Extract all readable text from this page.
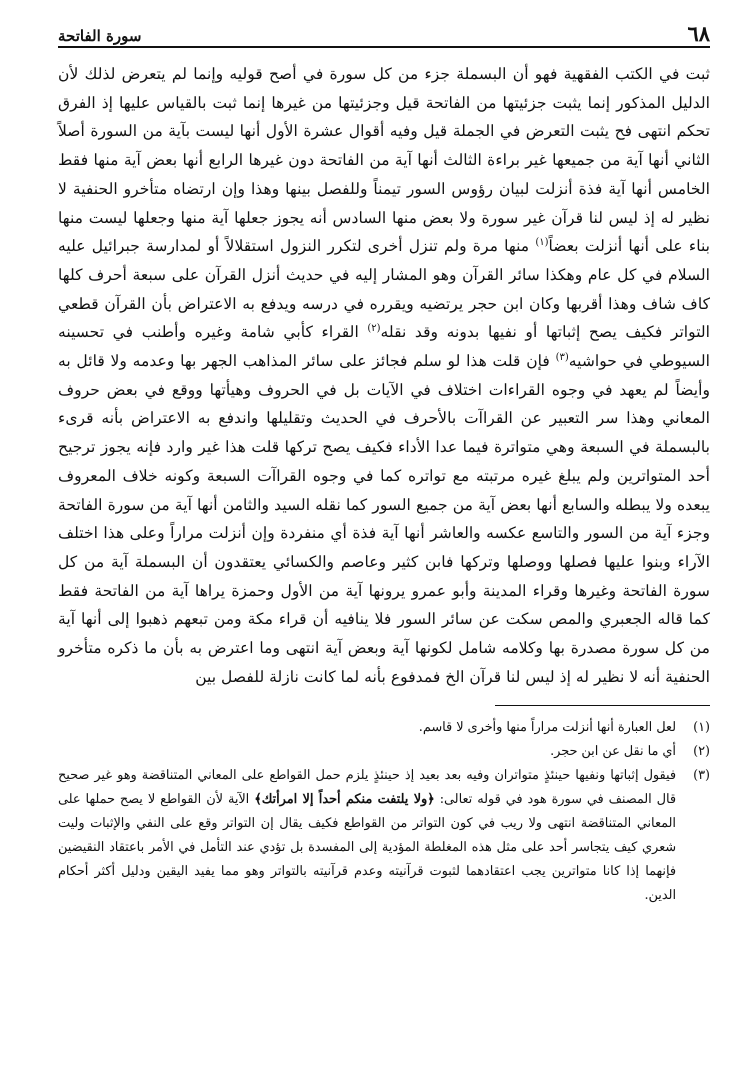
٦٨
سورة الفاتحة
ثبت في الكتب الفقهية فهو أن البسملة جزء من كل سورة في أصح قوليه وإنما لم يتعرض لذلك لأن الدليل المذكور إنما يثبت جزئيتها من الفاتحة قيل وجزئيتها من غيرها إنما ثبت بالقياس عليها إذ الفرق تحكم انتهى فح يثبت التعرض في الجملة قيل وفيه أقوال عشرة الأول أنها ليست بآية من السورة أصلاً الثاني أنها آية من جميعها غير براءة الثالث أنها آية من الفاتحة دون غيرها الرابع أنها بعض آية منها فقط الخامس أنها آية فذة أنزلت لبيان رؤوس السور تيمناً وللفصل بينها وهذا وإن ارتضاه متأخرو الحنفية لا نظير له إذ ليس لنا قرآن غير سورة ولا بعض منها السادس أنه يجوز جعلها آية منها وجعلها ليست منها بناء على أنها أنزلت بعضاً$^{(١)}$ منها مرة ولم تنزل أخرى لتكرر النزول استقلالاً أو لمدارسة جبرائيل عليه السلام في كل عام وهكذا سائر القرآن وهو المشار إليه في حديث أنزل القرآن على سبعة أحرف كلها كاف شاف وهذا أقربها وكان ابن حجر يرتضيه ويقرره في درسه ويدفع به الاعتراض بأن القرآن قطعي التواتر فكيف يصح إثباتها أو نفيها بدونه وقد نقله$^{(٢)}$ القراء كأبي شامة وغيره وأطنب في تحسينه السيوطي في حواشيه$^{(٣)}$ فإن قلت هذا لو سلم فجائز على سائر المذاهب الجهر بها وعدمه ولا قائل به وأيضاً لم يعهد في وجوه القراءات اختلاف في الآيات بل في الحروف وهيأتها ووقع في بعض حروف المعاني وهذا سر التعبير عن القراآت بالأحرف في الحديث وتقليلها واندفع به الاعتراض بأنه قرىء بالبسملة في السبعة وهي متواترة فيما عدا الأداء فكيف يصح تركها قلت هذا غير وارد فإنه يجوز ترجيح أحد المتواترين ولم يبلغ غيره مرتبته مع تواتره كما في وجوه القراآت السبعة وكونه خلاف المعروف يبعده ولا يبطله والسابع أنها بعض آية من جميع السور كما نقله السيد والثامن أنها آية من سورة الفاتحة وجزء آية من السور والتاسع عكسه والعاشر أنها آية فذة أي منفردة وإن أنزلت مراراً وعلى هذا اختلف الآراء وبنوا عليها فصلها ووصلها وتركها فابن كثير وعاصم والكسائي يعتقدون أن البسملة آية من كل سورة الفاتحة وغيرها وقراء المدينة وأبو عمرو يرونها آية من الأول وحمزة يراها آية من الفاتحة فقط كما قاله الجعبري والمص سكت عن سائر السور فلا ينافيه أن قراء مكة ومن تبعهم ذهبوا إلى أنها آية من كل سورة مصدرة بها وكلامه شامل لكونها آية وبعض آية انتهى وما اعترض به بأن ما ذكره متأخرو الحنفية أنه لا نظير له إذ ليس لنا قرآن الخ فمدفوع بأنه لما كانت نازلة للفصل بين
(١)
لعل العبارة أنها أنزلت مراراً منها وأخرى لا قاسم.
(٢)
أي ما نقل عن ابن حجر.
(٣)
فيقول إثباتها ونفيها حينئذٍ متواتران وفيه بعد بعيد إذ حينئذٍ يلزم حمل القواطع على المعاني المتناقضة وهو غير صحيح قال المصنف في سورة هود في قوله تعالى: ﴿ولا يلتفت منكم أحداً إلا امرأتك﴾ الآية لأن القواطع لا يصح حملها على المعاني المتناقضة انتهى ولا ريب في كون التواتر من القواطع فكيف يقال إن التواتر وقع على النفي والإثبات وليت شعري كيف يتجاسر أحد على مثل هذه المغلطة المؤدية إلى المفسدة بل تؤدي عند التأمل في الأمر باعتقاد النقيضين فإنهما إذا كانا متواترين يجب اعتقادهما لثبوت قرآنيته وعدم قرآنيته بالتواتر وهو مما يفيد اليقين ودليل أكثر أحكام الدين.
